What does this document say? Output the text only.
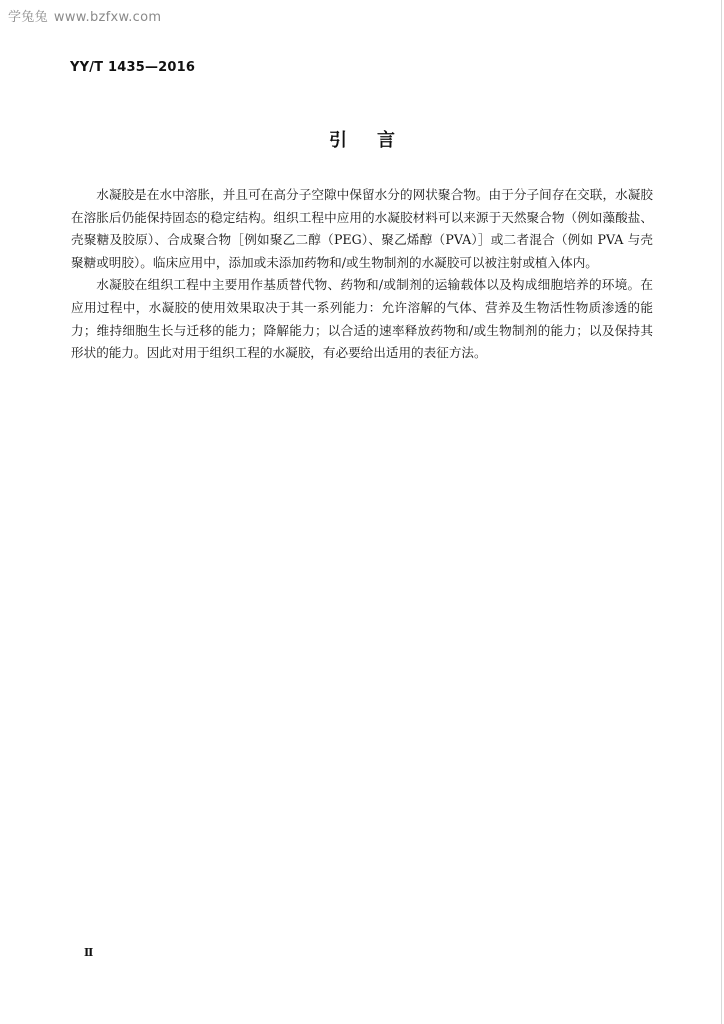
学兔兔 www.bzfxw.com
YY/T 1435—2016
引言

水凝胶是在水中溶胀，并且可在高分子空隙中保留水分的网状聚合物。由于分子间存在交联，水凝胶在溶胀后仍能保持固态的稳定结构。组织工程中应用的水凝胶材料可以来源于天然聚合物（例如藻酸盐、壳聚糖及胶原）、合成聚合物［例如聚乙二醇（PEG）、聚乙烯醇（PVA）］或二者混合（例如 PVA 与壳聚糖或明胶）。临床应用中，添加或未添加药物和/或生物制剂的水凝胶可以被注射或植入体内。

水凝胶在组织工程中主要用作基质替代物、药物和/或制剂的运输载体以及构成细胞培养的环境。在应用过程中，水凝胶的使用效果取决于其一系列能力：允许溶解的气体、营养及生物活性物质渗透的能力；维持细胞生长与迁移的能力；降解能力；以合适的速率释放药物和/或生物制剂的能力；以及保持其形状的能力。因此对用于组织工程的水凝胶，有必要给出适用的表征方法。

Ⅱ
